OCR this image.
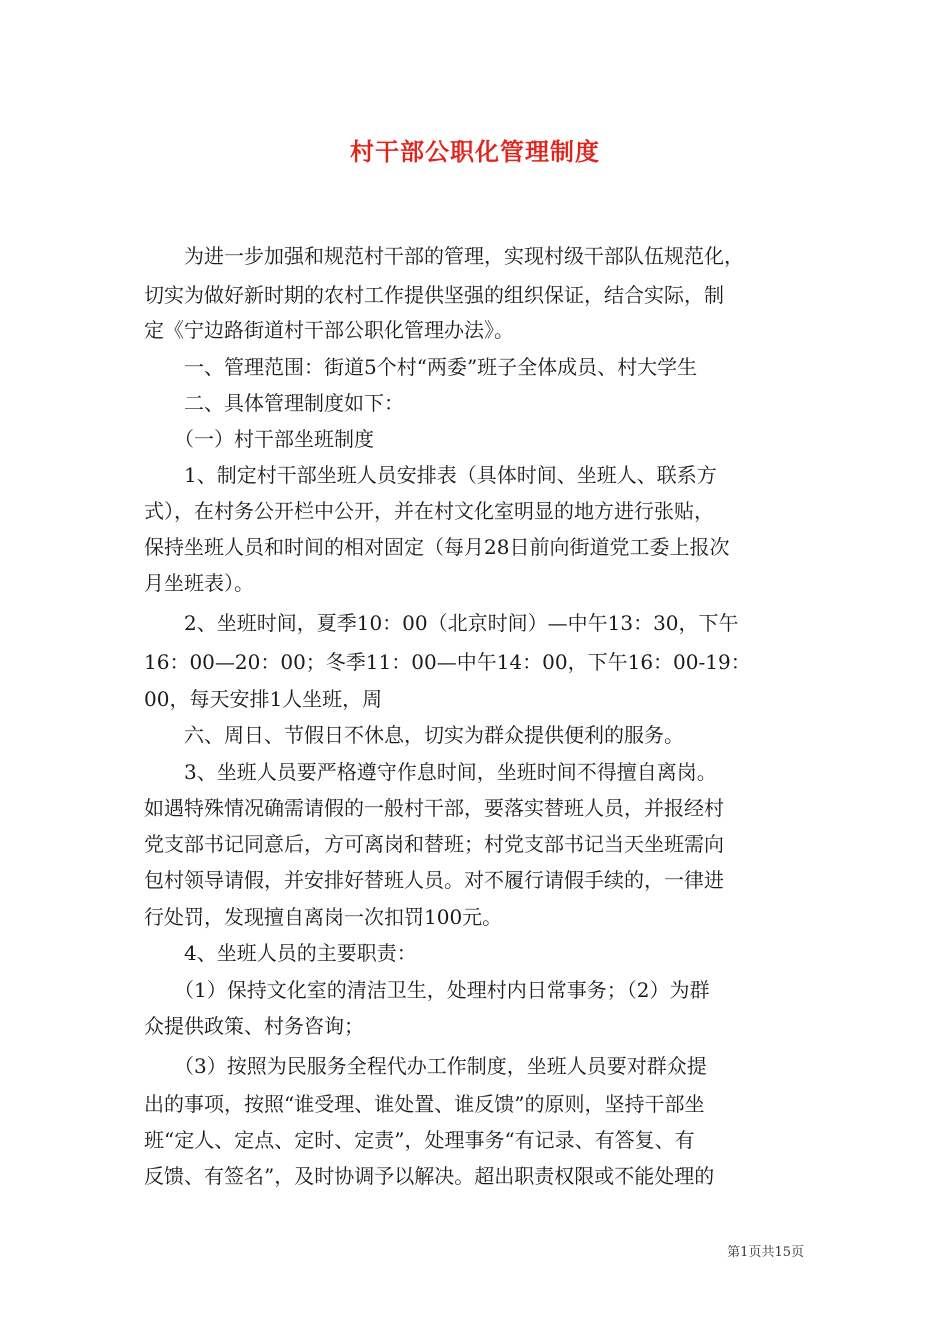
村干部公职化管理制度
　　为进一步加强和规范村干部的管理，实现村级干部队伍规范化，
切实为做好新时期的农村工作提供坚强的组织保证，结合实际，制
定《宁边路街道村干部公职化管理办法》。
　　一、管理范围：街道5个村“两委”班子全体成员、村大学生
　　二、具体管理制度如下：
　　（一）村干部坐班制度
　　1、制定村干部坐班人员安排表（具体时间、坐班人、联系方
式），在村务公开栏中公开，并在村文化室明显的地方进行张贴，
保持坐班人员和时间的相对固定（每月28日前向街道党工委上报次
月坐班表）。
　　2、坐班时间，夏季10：00（北京时间）—中午13：30，下午
16：00—20：00；冬季11：00—中午14：00，下午16：00-19：
00，每天安排1人坐班，周
　　六、周日、节假日不休息，切实为群众提供便利的服务。
　　3、坐班人员要严格遵守作息时间，坐班时间不得擅自离岗。
如遇特殊情况确需请假的一般村干部，要落实替班人员，并报经村
党支部书记同意后，方可离岗和替班；村党支部书记当天坐班需向
包村领导请假，并安排好替班人员。对不履行请假手续的，一律进
行处罚，发现擅自离岗一次扣罚100元。
　　4、坐班人员的主要职责：
　　（1）保持文化室的清洁卫生，处理村内日常事务；（2）为群
众提供政策、村务咨询；
　　（3）按照为民服务全程代办工作制度，坐班人员要对群众提
出的事项，按照“谁受理、谁处置、谁反馈”的原则，坚持干部坐
班“定人、定点、定时、定责”，处理事务“有记录、有答复、有
反馈、有签名”，及时协调予以解决。超出职责权限或不能处理的
第1页共15页
